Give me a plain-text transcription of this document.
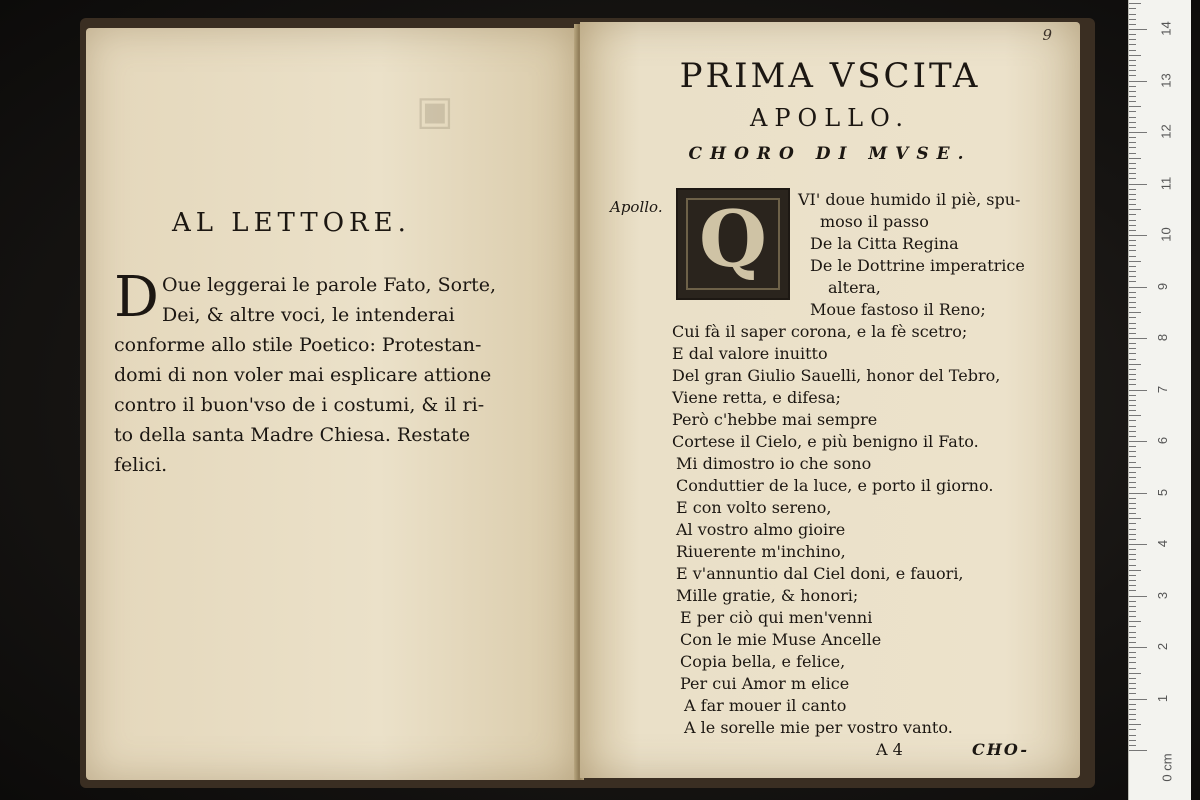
▣
AL LETTORE.
D Oue leggerai le parole Fato, Sorte,
Dei, & altre voci, le intenderai
conforme allo stile Poetico: Protestan-
domi di non voler mai esplicare attione
contro il buon'vso de i costumi, & il ri-
to della santa Madre Chiesa. Restate
felici.
9
PRIMA VSCITA
APOLLO.
CHORO DI MVSE.
Apollo. Q	VI' doue humido il piè, spu-
moso il passo
De la Citta Regina
De le Dottrine imperatrice
altera,
Moue fastoso il Reno;
Cui fà il saper corona, e la fè scetro;
E dal valore inuitto
Del gran Giulio Sauelli, honor del Tebro,
Viene retta, e difesa;
Però c'hebbe mai sempre
Cortese il Cielo, e più benigno il Fato.
Mi dimostro io che sono
Conduttier de la luce, e porto il giorno.
E con volto sereno,
Al vostro almo gioire
Riuerente m'inchino,
E v'annuntio dal Ciel doni, e fauori,
Mille gratie, & honori;
E per ciò qui men'venni
Con le mie Muse Ancelle
Copia bella, e felice,
Per cui Amor m elice
A far mouer il canto
A le sorelle mie per vostro vanto.
A 4	CHO-
0 cm
1
2
3
4
5
6
7
8
9
10
11
12
13
14
